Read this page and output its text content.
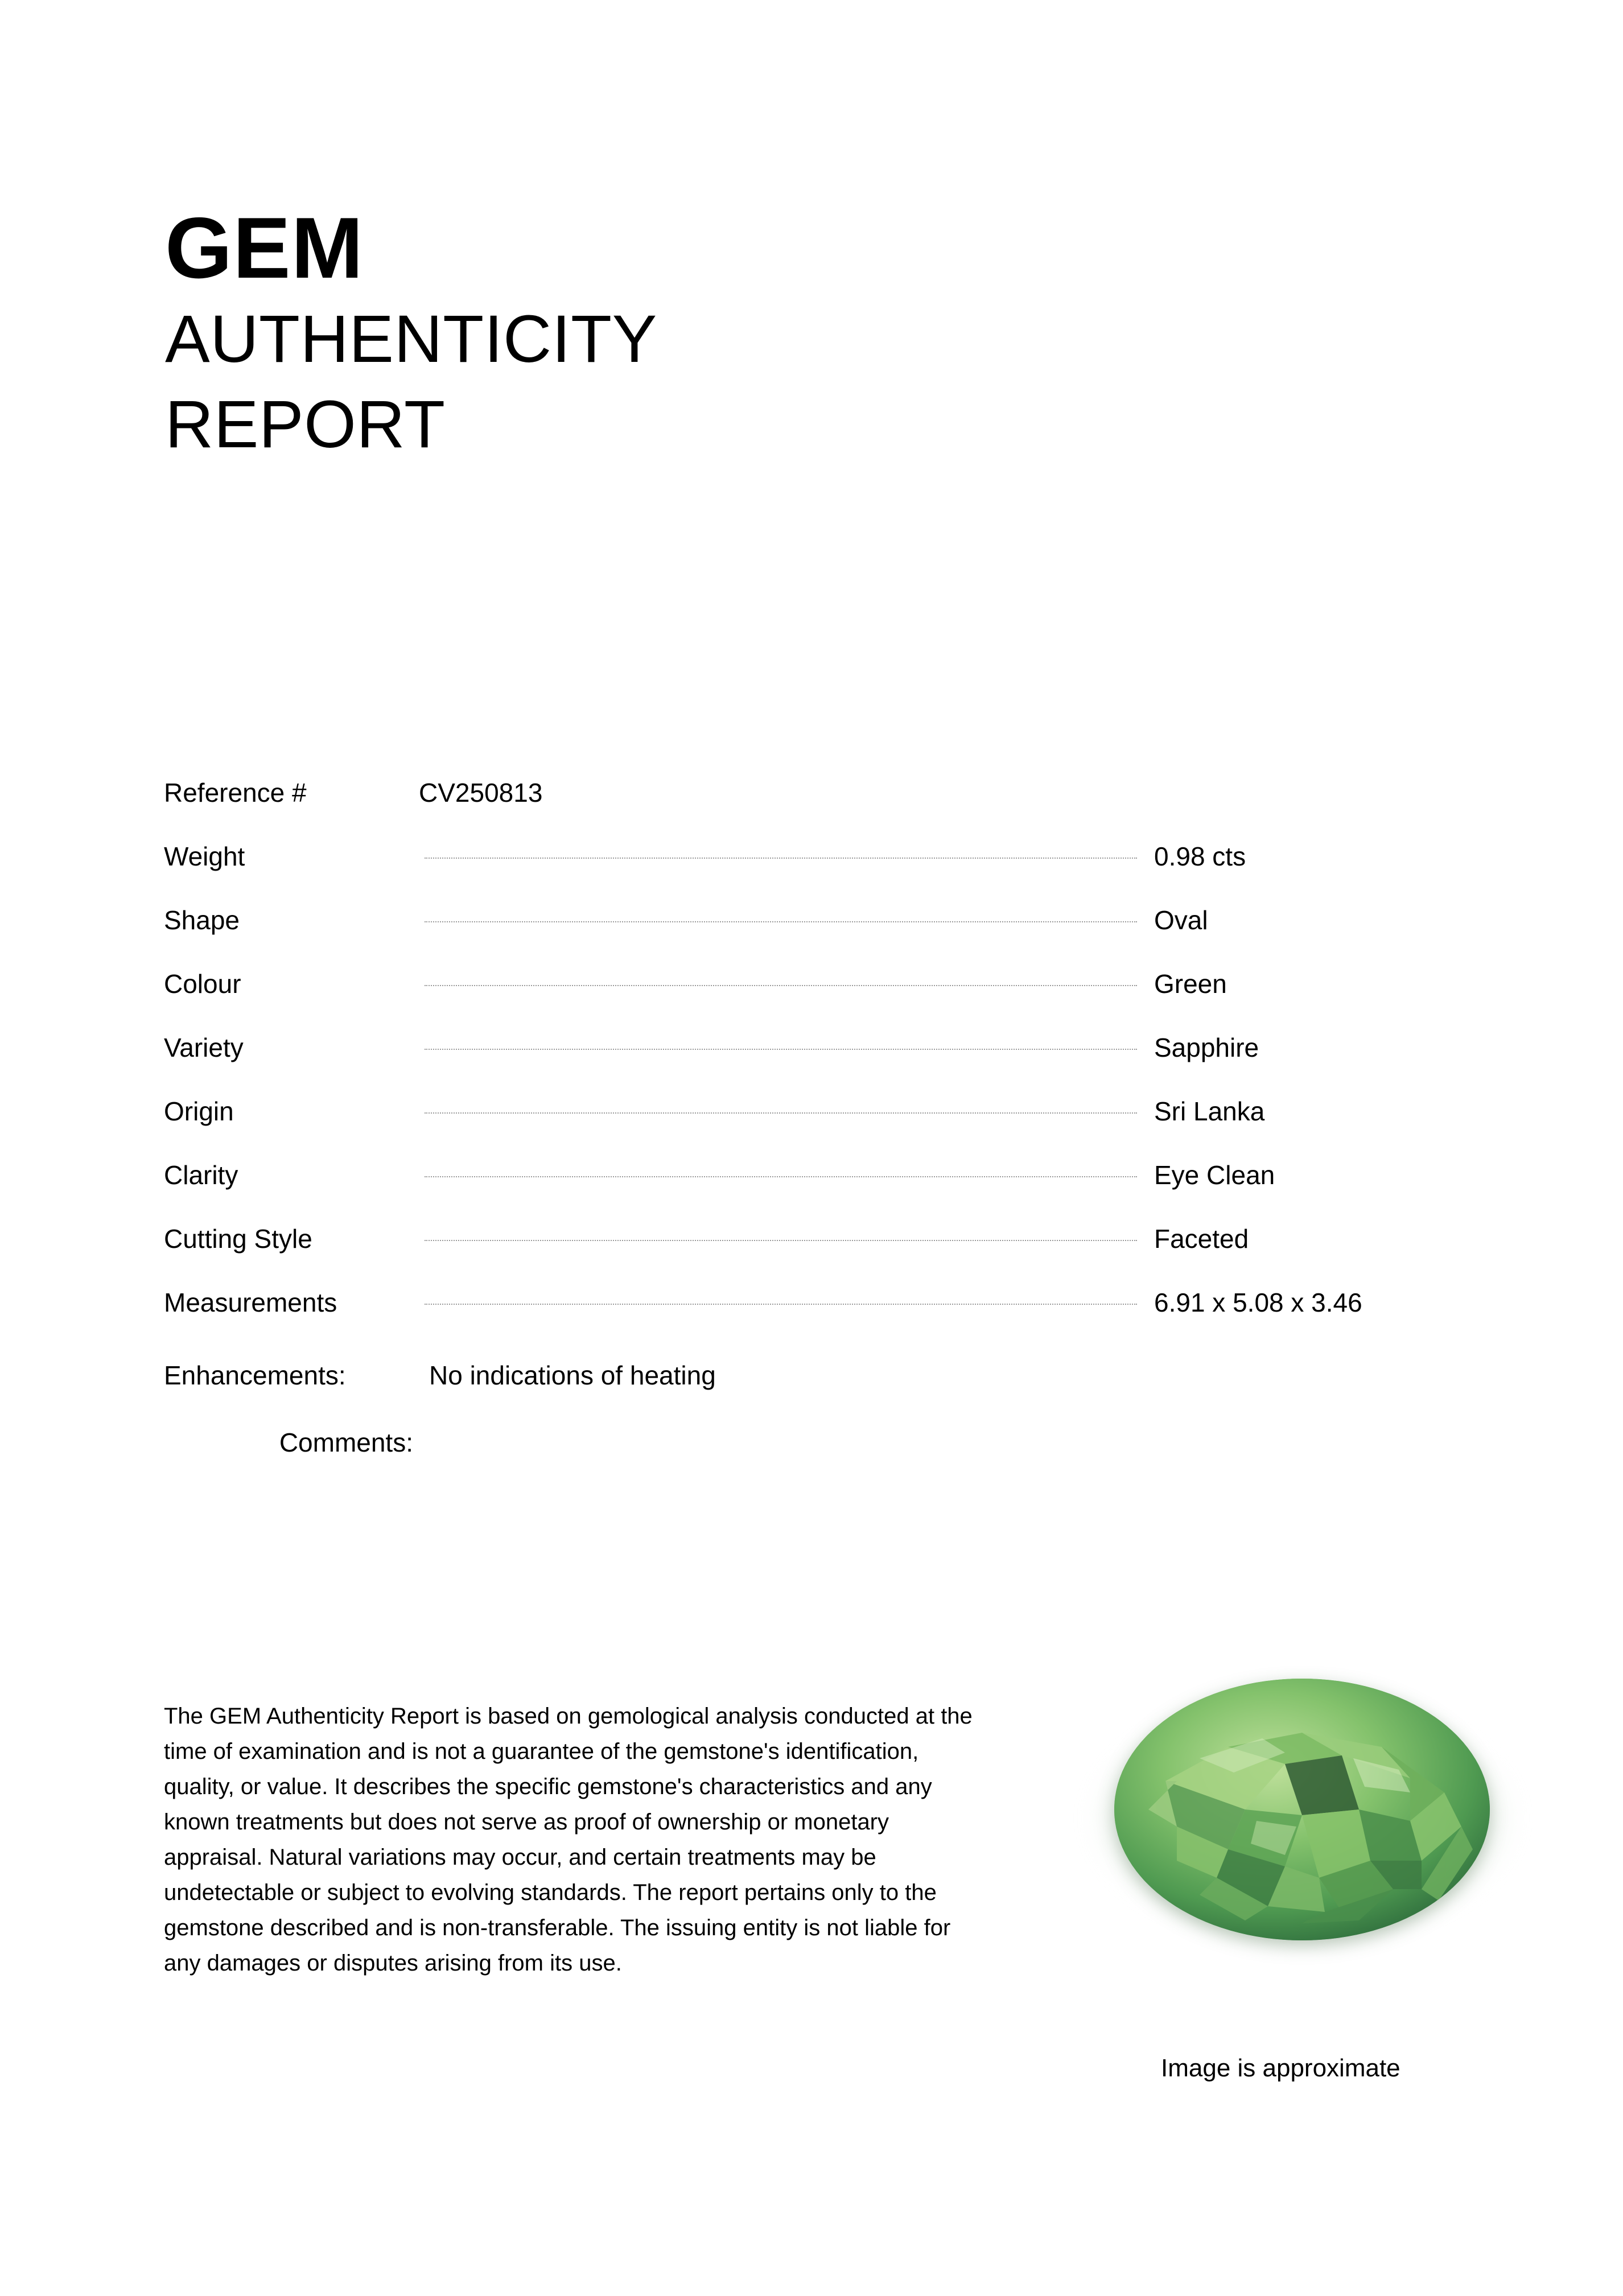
GEM
AUTHENTICITY
REPORT
Reference #	CV250813
Weight	0.98 cts
Shape	Oval
Colour	Green
Variety	Sapphire
Origin	Sri Lanka
Clarity	Eye Clean
Cutting Style	Faceted
Measurements	6.91 x 5.08 x 3.46
Enhancements:	No indications of heating
Comments:
The GEM Authenticity Report is based on gemological analysis conducted at the time of examination and is not a guarantee of the gemstone's identification, quality, or value. It describes the specific gemstone's characteristics and any known treatments but does not serve as proof of ownership or monetary appraisal. Natural variations may occur, and certain treatments may be undetectable or subject to evolving standards. The report pertains only to the gemstone described and is non-transferable. The issuing entity is not liable for any damages or disputes arising from its use.
Image is approximate
